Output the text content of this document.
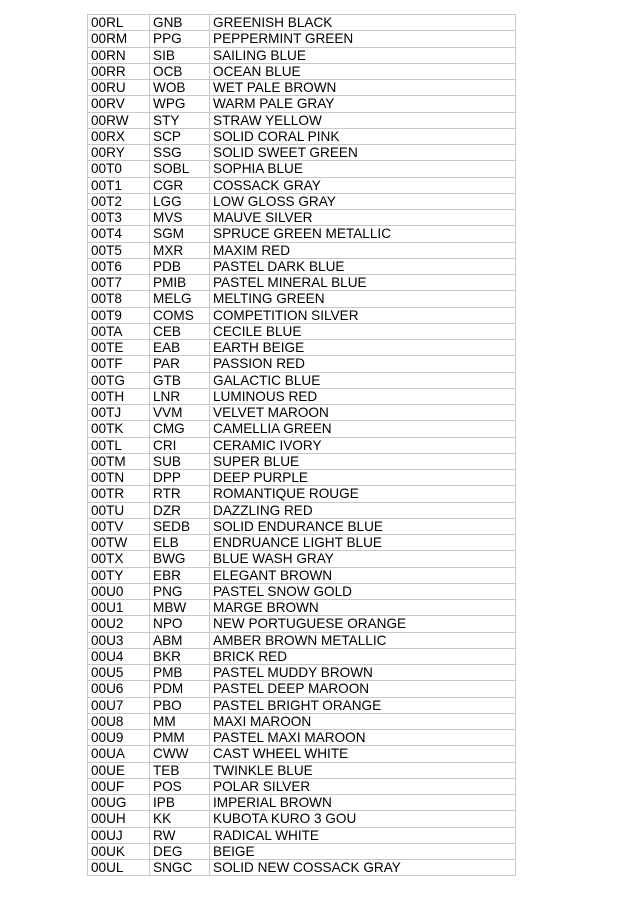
00RL	GNB	GREENISH BLACK
00RM	PPG	PEPPERMINT GREEN
00RN	SIB	SAILING BLUE
00RR	OCB	OCEAN BLUE
00RU	WOB	WET PALE BROWN
00RV	WPG	WARM PALE GRAY
00RW	STY	STRAW YELLOW
00RX	SCP	SOLID CORAL PINK
00RY	SSG	SOLID SWEET GREEN
00T0	SOBL	SOPHIA BLUE
00T1	CGR	COSSACK GRAY
00T2	LGG	LOW GLOSS GRAY
00T3	MVS	MAUVE SILVER
00T4	SGM	SPRUCE GREEN METALLIC
00T5	MXR	MAXIM RED
00T6	PDB	PASTEL DARK BLUE
00T7	PMIB	PASTEL MINERAL BLUE
00T8	MELG	MELTING GREEN
00T9	COMS	COMPETITION SILVER
00TA	CEB	CECILE BLUE
00TE	EAB	EARTH BEIGE
00TF	PAR	PASSION RED
00TG	GTB	GALACTIC BLUE
00TH	LNR	LUMINOUS RED
00TJ	VVM	VELVET MAROON
00TK	CMG	CAMELLIA GREEN
00TL	CRI	CERAMIC IVORY
00TM	SUB	SUPER BLUE
00TN	DPP	DEEP PURPLE
00TR	RTR	ROMANTIQUE ROUGE
00TU	DZR	DAZZLING RED
00TV	SEDB	SOLID ENDURANCE BLUE
00TW	ELB	ENDRUANCE LIGHT BLUE
00TX	BWG	BLUE WASH GRAY
00TY	EBR	ELEGANT BROWN
00U0	PNG	PASTEL SNOW GOLD
00U1	MBW	MARGE BROWN
00U2	NPO	NEW PORTUGUESE ORANGE
00U3	ABM	AMBER BROWN METALLIC
00U4	BKR	BRICK RED
00U5	PMB	PASTEL MUDDY BROWN
00U6	PDM	PASTEL DEEP MAROON
00U7	PBO	PASTEL BRIGHT ORANGE
00U8	MM	MAXI MAROON
00U9	PMM	PASTEL MAXI MAROON
00UA	CWW	CAST WHEEL WHITE
00UE	TEB	TWINKLE BLUE
00UF	POS	POLAR SILVER
00UG	IPB	IMPERIAL BROWN
00UH	KK	KUBOTA KURO 3 GOU
00UJ	RW	RADICAL WHITE
00UK	DEG	BEIGE
00UL	SNGC	SOLID NEW COSSACK GRAY
